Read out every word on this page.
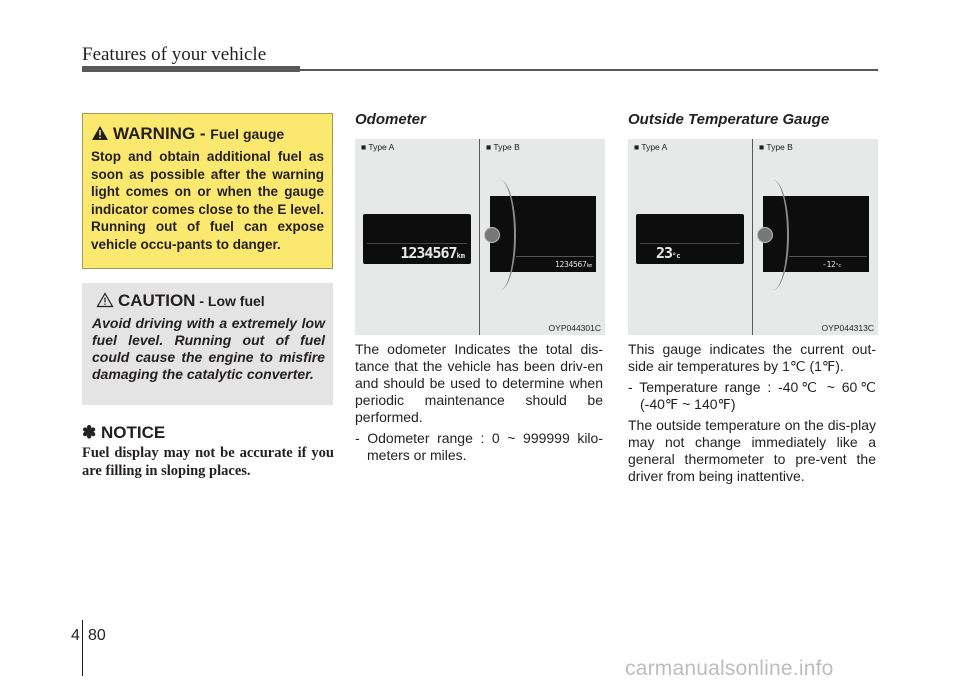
Features of your vehicle
WARNING - Fuel gauge
Stop and obtain additional fuel as soon as possible after the warning light comes on or when the gauge indicator comes close to the E level. Running out of fuel can expose vehicle occu-pants to danger.
CAUTION - Low fuel
Avoid driving with a extremely low fuel level. Running out of fuel could cause the engine to misfire damaging the catalytic converter.
✽ NOTICE
Fuel display may not be accurate if you are filling in sloping places.
Odometer
■ Type A	■ Type B
1234567km
1234567km
OYP044301C

The odometer Indicates the total dis-tance that the vehicle has been driv-en and should be used to determine when periodic maintenance should be performed.

- Odometer range : 0 ~ 999999 kilo-meters or miles.

Outside Temperature Gauge
■ Type A	■ Type B
23°c
-12°c
OYP044313C

This gauge indicates the current out-side air temperatures by 1℃ (1℉).

- Temperature range : -40℃ ~ 60℃ (-40℉ ~ 140℉)

The outside temperature on the dis-play may not change immediately like a general thermometer to pre-vent the driver from being inattentive.

4 80
carmanualsonline.info
